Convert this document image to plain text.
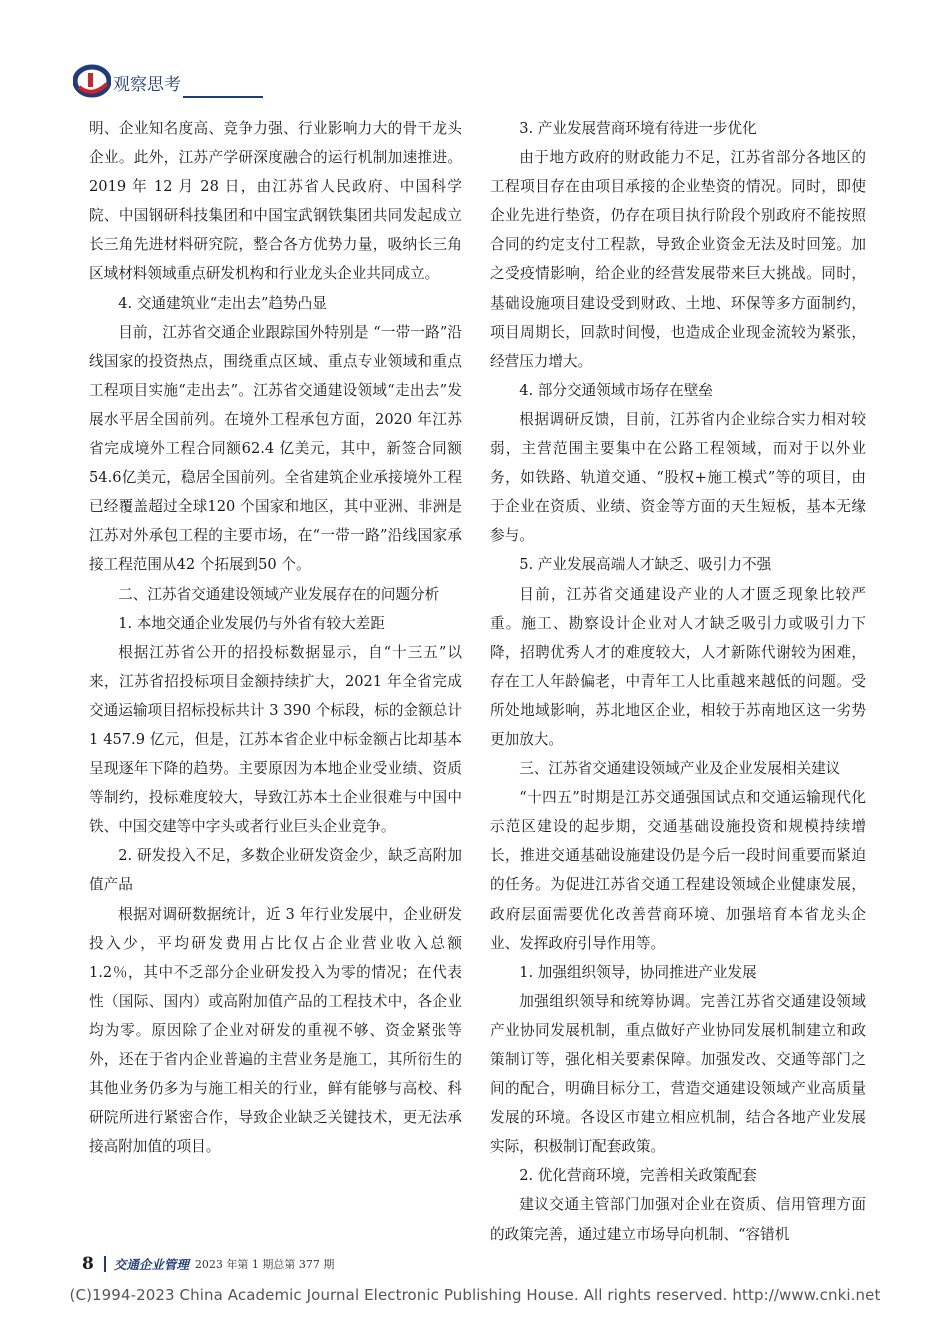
观察思考

明、企业知名度高、竞争力强、行业影响力大的骨干龙头企业。此外，江苏产学研深度融合的运行机制加速推进。2019 年 12 月 28 日，由江苏省人民政府、中国科学院、中国钢研科技集团和中国宝武钢铁集团共同发起成立长三角先进材料研究院，整合各方优势力量，吸纳长三角区域材料领域重点研发机构和行业龙头企业共同成立。

4. 交通建筑业“走出去”趋势凸显

目前，江苏省交通企业跟踪国外特别是 “一带一路”沿线国家的投资热点，围绕重点区域、重点专业领域和重点工程项目实施“走出去”。江苏省交通建设领域“走出去”发展水平居全国前列。在境外工程承包方面，2020 年江苏省完成境外工程合同额62.4 亿美元，其中，新签合同额54.6亿美元，稳居全国前列。全省建筑企业承接境外工程已经覆盖超过全球120 个国家和地区，其中亚洲、非洲是江苏对外承包工程的主要市场，在“一带一路”沿线国家承接工程范围从42 个拓展到50 个。

二、江苏省交通建设领域产业发展存在的问题分析

1. 本地交通企业发展仍与外省有较大差距

根据江苏省公开的招投标数据显示，自“十三五”以来，江苏省招投标项目金额持续扩大，2021 年全省完成交通运输项目招标投标共计 3 390 个标段，标的金额总计 1 457.9 亿元，但是，江苏本省企业中标金额占比却基本呈现逐年下降的趋势。主要原因为本地企业受业绩、资质等制约，投标难度较大，导致江苏本土企业很难与中国中铁、中国交建等中字头或者行业巨头企业竞争。

2. 研发投入不足，多数企业研发资金少，缺乏高附加值产品

根据对调研数据统计，近 3 年行业发展中，企业研发投入少，平均研发费用占比仅占企业营业收入总额1.2％，其中不乏部分企业研发投入为零的情况；在代表性（国际、国内）或高附加值产品的工程技术中，各企业均为零。原因除了企业对研发的重视不够、资金紧张等外，还在于省内企业普遍的主营业务是施工，其所衍生的其他业务仍多为与施工相关的行业，鲜有能够与高校、科研院所进行紧密合作，导致企业缺乏关键技术，更无法承接高附加值的项目。

3. 产业发展营商环境有待进一步优化

由于地方政府的财政能力不足，江苏省部分各地区的工程项目存在由项目承接的企业垫资的情况。同时，即使企业先进行垫资，仍存在项目执行阶段个别政府不能按照合同的约定支付工程款，导致企业资金无法及时回笼。加之受疫情影响，给企业的经营发展带来巨大挑战。同时，基础设施项目建设受到财政、土地、环保等多方面制约，项目周期长，回款时间慢，也造成企业现金流较为紧张，经营压力增大。

4. 部分交通领域市场存在壁垒

根据调研反馈，目前，江苏省内企业综合实力相对较弱，主营范围主要集中在公路工程领域，而对于以外业务，如铁路、轨道交通、“股权+施工模式”等的项目，由于企业在资质、业绩、资金等方面的天生短板，基本无缘参与。

5. 产业发展高端人才缺乏、吸引力不强

目前，江苏省交通建设产业的人才匮乏现象比较严重。施工、勘察设计企业对人才缺乏吸引力或吸引力下降，招聘优秀人才的难度较大，人才新陈代谢较为困难，存在工人年龄偏老，中青年工人比重越来越低的问题。受所处地域影响，苏北地区企业，相较于苏南地区这一劣势更加放大。

三、江苏省交通建设领域产业及企业发展相关建议

“十四五”时期是江苏交通强国试点和交通运输现代化示范区建设的起步期，交通基础设施投资和规模持续增长，推进交通基础设施建设仍是今后一段时间重要而紧迫的任务。为促进江苏省交通工程建设领域企业健康发展，政府层面需要优化改善营商环境、加强培育本省龙头企业、发挥政府引导作用等。

1. 加强组织领导，协同推进产业发展

加强组织领导和统筹协调。完善江苏省交通建设领域产业协同发展机制，重点做好产业协同发展机制建立和政策制订等，强化相关要素保障。加强发改、交通等部门之间的配合，明确目标分工，营造交通建设领域产业高质量发展的环境。各设区市建立相应机制，结合各地产业发展实际，积极制订配套政策。

2. 优化营商环境，完善相关政策配套

建议交通主管部门加强对企业在资质、信用管理方面的政策完善，通过建立市场导向机制、“容错机

8 交通企业管理 2023 年第 1 期总第 377 期
(C)1994-2023 China Academic Journal Electronic Publishing House. All rights reserved. http://www.cnki.net
